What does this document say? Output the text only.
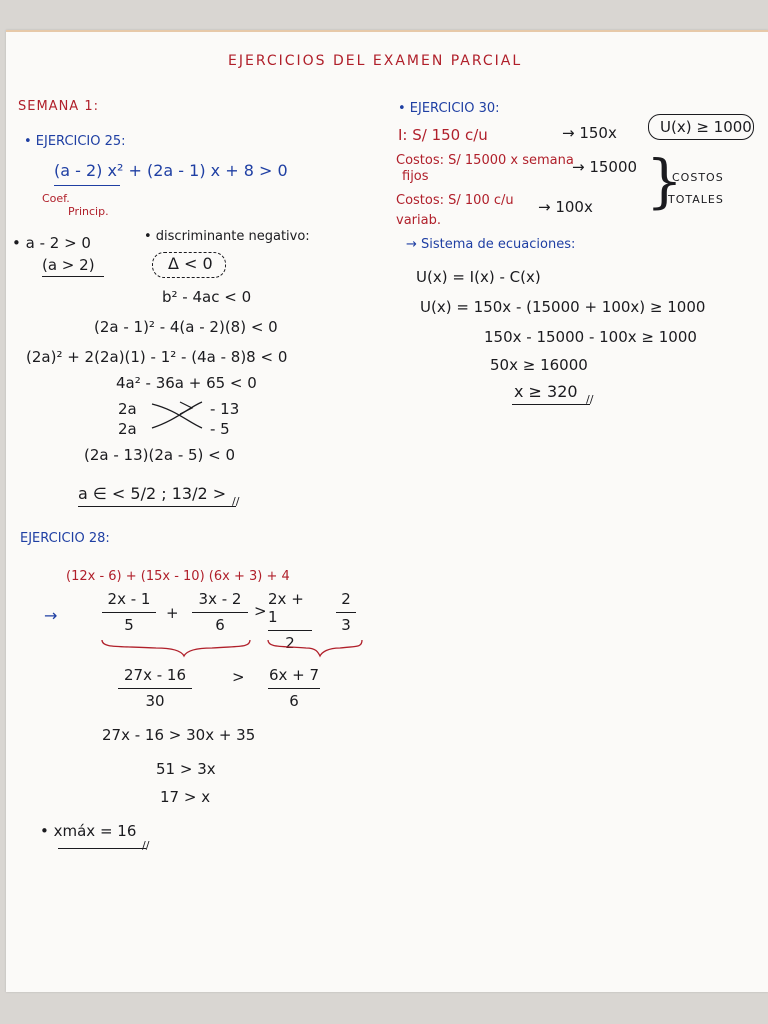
EJERCICIOS DEL EXAMEN PARCIAL
SEMANA 1:
• EJERCICIO 25:
(a - 2) x² + (2a - 1) x + 8 > 0
Coef.
Princip.
• a - 2 > 0
(a > 2)
• discriminante negativo:
Δ < 0
b² - 4ac < 0
(2a - 1)² - 4(a - 2)(8) < 0
(2a)² + 2(2a)(1) - 1² - (4a - 8)8 < 0
4a² - 36a + 65 < 0
2a
2a
- 13
- 5
(2a - 13)(2a - 5) < 0
a ∈ < 5/2 ; 13/2 > //
EJERCICIO 28:
(12x - 6) + (15x - 10) (6x + 3) + 4
→
2x - 1
5
+
3x - 2
6
>
2x + 1
2
2
3
27x - 16
30
> 6x + 7
6
27x - 16 > 30x + 35
51 > 3x
17 > x
• xmáx = 16
//
• EJERCICIO 30:
I: S/ 150 c/u	→ 150x	U(x) ≥ 1000
Costos: S/ 15000 x semana
fijos
→ 15000
Costos: S/ 100 c/u
variab.
→ 100x }
COSTOS
TOTALES
→ Sistema de ecuaciones:
U(x) = I(x) - C(x)
U(x) = 150x - (15000 + 100x) ≥ 1000
150x - 15000 - 100x ≥ 1000
50x ≥ 16000
x ≥ 320 //
